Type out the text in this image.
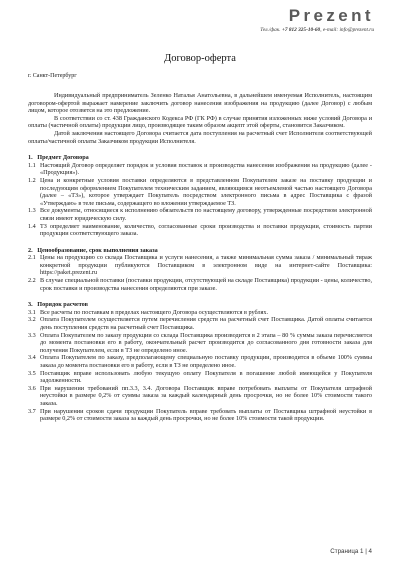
Prezent
Тел./фак. +7 812 325-10-60, e-mail: info@prezent.ru
Договор-оферта
г. Санкт-Петербург

Индивидуальный предприниматель Зеленко Наталья Анатольевна, в дальнейшем именуемая Исполнитель, настоящим договором-офертой выражает намерение заключить договор нанесения изображения на продукцию (далее Договор) с любым лицом, которое отозвется на это предложение.

В соответствии со ст. 438 Гражданского Кодекса РФ (ГК РФ) в случае принятия изложенных ниже условий Договора и оплаты (частичной оплаты) продукции лицо, производящее таким образом акцепт этой оферты, становится Заказчиком.

Датой заключения настоящего Договора считается дата поступления на расчетный счет Исполнителя соответствующей оплаты/частичной оплаты Заказчиком продукции Исполнителя.

1. Предмет Договора

1.1 Настоящий Договор определяет порядок и условия поставок и производства нанесения изображения на продукцию (далее - «Продукция»).
1.2 Цена и конкретные условия поставки определяются в представленном Покупателем заказе на поставку продукции и последующим оформлением Покупателем техническим заданием, являющимся неотъемлемой частью настоящего Договора (далее – «ТЗ»), которое утверждает Покупатель посредством электронного письма в адрес Поставщика с фразой «Утверждаю» в теле письма, содержащего во вложении утверждаемое ТЗ.
1.3 Все документы, относящиеся к исполнению обязательств по настоящему договору, утвержденные посредством электронной связи имеют юридическую силу.
1.4 ТЗ определяет наименование, количество, согласованные сроки производства и поставки продукции, стоимость партии продукции соответствующего заказа.

2. Ценообразование, срок выполнения заказа

2.1 Цены на продукцию со склада Поставщика и услуги нанесения, а также минимальная сумма заказа / минимальный тираж конкретной продукции публикуются Поставщиком в электронном виде на интернет-сайте Поставщика: https://paket.prezent.ru
2.2 В случае специальной поставки (поставки продукции, отсутствующей на складе Поставщика) продукции - цены, количество, срок поставки и производства нанесения определяются при заказе.

3. Порядок расчетов

3.1 Все расчеты по поставкам в пределах настоящего Договора осуществляются в рублях.
3.2 Оплата Покупателем осуществляется путем перечисления средств на расчетный счет Поставщика. Датой оплаты считается день поступления средств на расчетный счет Поставщика.
3.3 Оплата Покупателем по заказу продукции со склада Поставщика производится в 2 этапа – 80 % суммы заказа перечисляется до момента постановки его в работу, окончательный расчет производится до согласованного дня готовности заказа для получения Покупателем, если в ТЗ не определено иное.
3.4 Оплата Покупателем по заказу, предполагающему специальную поставку продукции, производится в объеме 100% суммы заказа до момента постановки его в работу, если в ТЗ не определено иное.
3.5 Поставщик вправе использовать любую текущую оплату Покупателя в погашение любой имеющейся у Покупателя задолженности.
3.6 При нарушении требований пп.3.3, 3.4. Договора Поставщик вправе потребовать выплаты от Покупателя штрафной неустойки в размере 0,2% от суммы заказа за каждый календарный день просрочки, но не более 10% стоимости такого заказа.
3.7 При нарушении сроков сдачи продукции Покупатель вправе требовать выплаты от Поставщика штрафной неустойки в размере 0,2% от стоимости заказа за каждый день просрочки, но не более 10% стоимости такой продукции.
Страница 1 | 4
